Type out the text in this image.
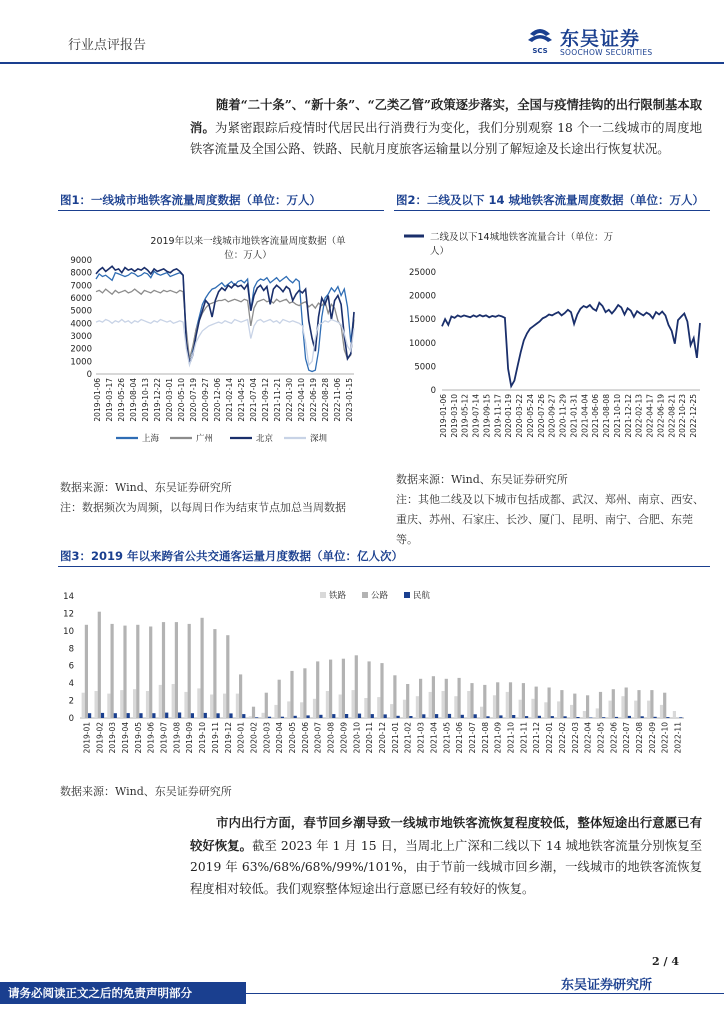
行业点评报告	SCS
东吴证券
SOOCHOW SECURITIES
随着“二十条”、“新十条”、“乙类乙管”政策逐步落实，全国与疫情挂钩的出行限制基本取消。为紧密跟踪后疫情时代居民出行消费行为变化，我们分别观察 18 个一二线城市的周度地铁客流量及全国公路、铁路、民航月度旅客运输量以分别了解短途及长途出行恢复状况。
图1：一线城市地铁客流量周度数据（单位：万人）	图2：二线及以下 14 城地铁客流量周度数据（单位：万人）
2019年以来一线城市地铁客流量周度数据（单
位：万人）
9000
8000
7000
6000
5000
4000
3000
2000
1000
0
2019-01-06 2019-03-17 2019-05-26 2019-08-04 2019-10-13 2019-12-22 2020-03-01 2020-05-10 2020-07-19 2020-09-27 2020-12-06 2021-02-14 2021-04-25 2021-07-04 2021-09-12 2021-11-21 2022-01-30 2022-04-10 2022-06-19 2022-08-28 2022-11-06 2023-01-15
上海	广州	北京	深圳
二线及以下14城地铁客流量合计（单位：万
人）
25000
20000
15000
10000
5000
0
2019-01-06 2019-03-10 2019-05-12 2019-07-14 2019-09-15 2019-11-17 2020-01-19 2020-03-22 2020-05-24 2020-07-26 2020-09-27 2020-11-29 2021-01-31 2021-04-04 2021-06-06 2021-08-08 2021-10-10 2021-12-12 2022-02-13 2022-04-17 2022-06-19 2022-08-21 2022-10-23 2022-12-25
数据来源：Wind、东吴证券研究所
注：数据频次为周频，以每周日作为结束节点加总当周数据
数据来源：Wind、东吴证券研究所
注：其他二线及以下城市包括成都、武汉、郑州、南京、西安、重庆、苏州、石家庄、长沙、厦门、昆明、南宁、合肥、东莞等。
图3：2019 年以来跨省公共交通客运量月度数据（单位：亿人次）
铁路	公路	民航
14
12
10
8
6
4
2
0
2019-01 2019-02 2019-03 2019-04 2019-05 2019-06 2019-07 2019-08 2019-09 2019-10 2019-11 2019-12 2020-01 2020-02 2020-03 2020-04 2020-05 2020-06 2020-07 2020-08 2020-09 2020-10 2020-11 2020-12 2021-01 2021-02 2021-03 2021-04 2021-05 2021-06 2021-07 2021-08 2021-09 2021-10 2021-11 2021-12 2022-01 2022-02 2022-03 2022-04 2022-05 2022-06 2022-07 2022-08 2022-09 2022-10 2022-11
数据来源：Wind、东吴证券研究所
市内出行方面，春节回乡潮导致一线城市地铁客流恢复程度较低，整体短途出行意愿已有较好恢复。截至 2023 年 1 月 15 日，当周北上广深和二线以下 14 城地铁客流量分别恢复至 2019 年 63%/68%/68%/99%/101%，由于节前一线城市回乡潮，一线城市的地铁客流恢复程度相对较低。我们观察整体短途出行意愿已经有较好的恢复。
2 / 4
东吴证券研究所
请务必阅读正文之后的免责声明部分
